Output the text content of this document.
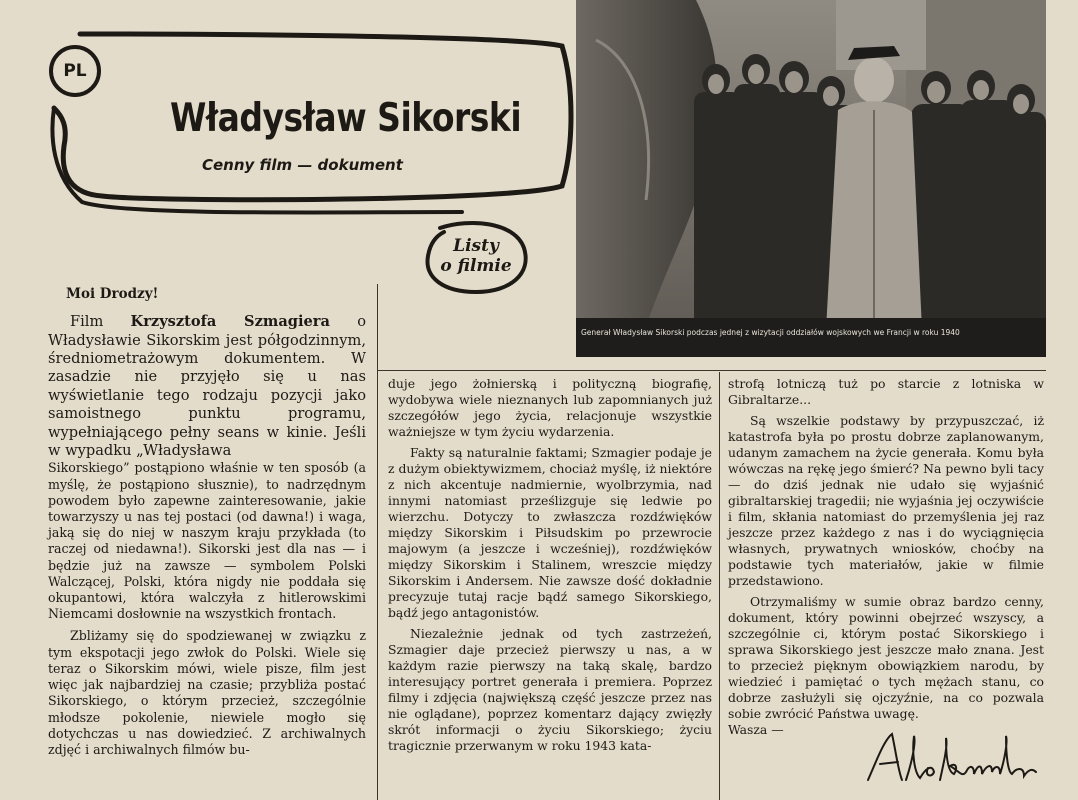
PL
Władysław Sikorski
Cenny film — dokument
Listy
o filmie
Generał Władysław Sikorski podczas jednej z wizytacji oddziałów wojskowych we Francji w roku 1940

Moi Drodzy!

Film Krzysztofa Szmagiera o Władysławie Sikorskim jest półgodzinnym, średniometrażowym dokumentem. W zasadzie nie przyjęło się u nas wyświetlanie tego rodzaju pozycji jako samoistnego punktu programu, wypełniającego pełny seans w kinie. Jeśli w wypadku „Władysława

Sikorskiego” postąpiono właśnie w ten sposób (a myślę, że postąpiono słusznie), to nadrzędnym powodem było zapewne zainteresowanie, jakie towarzyszy u nas tej postaci (od dawna!) i waga, jaką się do niej w naszym kraju przykłada (to raczej od niedawna!). Sikorski jest dla nas — i będzie już na zawsze — symbolem Polski Walczącej, Polski, która nigdy nie poddała się okupantowi, która walczyła z hitlerowskimi Niemcami dosłownie na wszystkich frontach.

Zbliżamy się do spodziewanej w związku z tym ekspotacji jego zwłok do Polski. Wiele się teraz o Sikorskim mówi, wiele pisze, film jest więc jak najbardziej na czasie; przybliża postać Sikorskiego, o którym przecież, szczególnie młodsze pokolenie, niewiele mogło się dotychczas u nas dowiedzieć. Z archiwalnych zdjęć i archiwalnych filmów bu-

duje jego żołnierską i polityczną biografię, wydobywa wiele nieznanych lub zapomnianych już szczegółów jego życia, relacjonuje wszystkie ważniejsze w tym życiu wydarzenia.

Fakty są naturalnie faktami; Szmagier podaje je z dużym obiektywizmem, chociaż myślę, iż niektóre z nich akcentuje nadmiernie, wyolbrzymia, nad innymi natomiast prześlizguje się ledwie po wierzchu. Dotyczy to zwłaszcza rozdźwięków między Sikorskim i Piłsudskim po przewrocie majowym (a jeszcze i wcześniej), rozdźwięków między Sikorskim i Stalinem, wreszcie między Sikorskim i Andersem. Nie zawsze dość dokładnie precyzuje tutaj racje bądź samego Sikorskiego, bądź jego antagonistów.

Niezależnie jednak od tych zastrzeżeń, Szmagier daje przecież pierwszy u nas, a w każdym razie pierwszy na taką skalę, bardzo interesujący portret generała i premiera. Poprzez filmy i zdjęcia (największą część jeszcze przez nas nie oglądane), poprzez komentarz dający zwięzły skrót informacji o życiu Sikorskiego; życiu tragicznie przerwanym w roku 1943 kata-

strofą lotniczą tuż po starcie z lotniska w Gibraltarze...

Są wszelkie podstawy by przypuszczać, iż katastrofa była po prostu dobrze zaplanowanym, udanym zamachem na życie generała. Komu była wówczas na rękę jego śmierć? Na pewno byli tacy — do dziś jednak nie udało się wyjaśnić gibraltarskiej tragedii; nie wyjaśnia jej oczywiście i film, skłania natomiast do przemyślenia jej raz jeszcze przez każdego z nas i do wyciągnięcia własnych, prywatnych wniosków, choćby na podstawie tych materiałów, jakie w filmie przedstawiono.

Otrzymaliśmy w sumie obraz bardzo cenny, dokument, który powinni obejrzeć wszyscy, a szczególnie ci, którym postać Sikorskiego i sprawa Sikorskiego jest jeszcze mało znana. Jest to przecież pięknym obowiązkiem narodu, by wiedzieć i pamiętać o tych mężach stanu, co dobrze zasłużyli się ojczyźnie, na co pozwala sobie zwrócić Państwa uwagę.

Wasza —
